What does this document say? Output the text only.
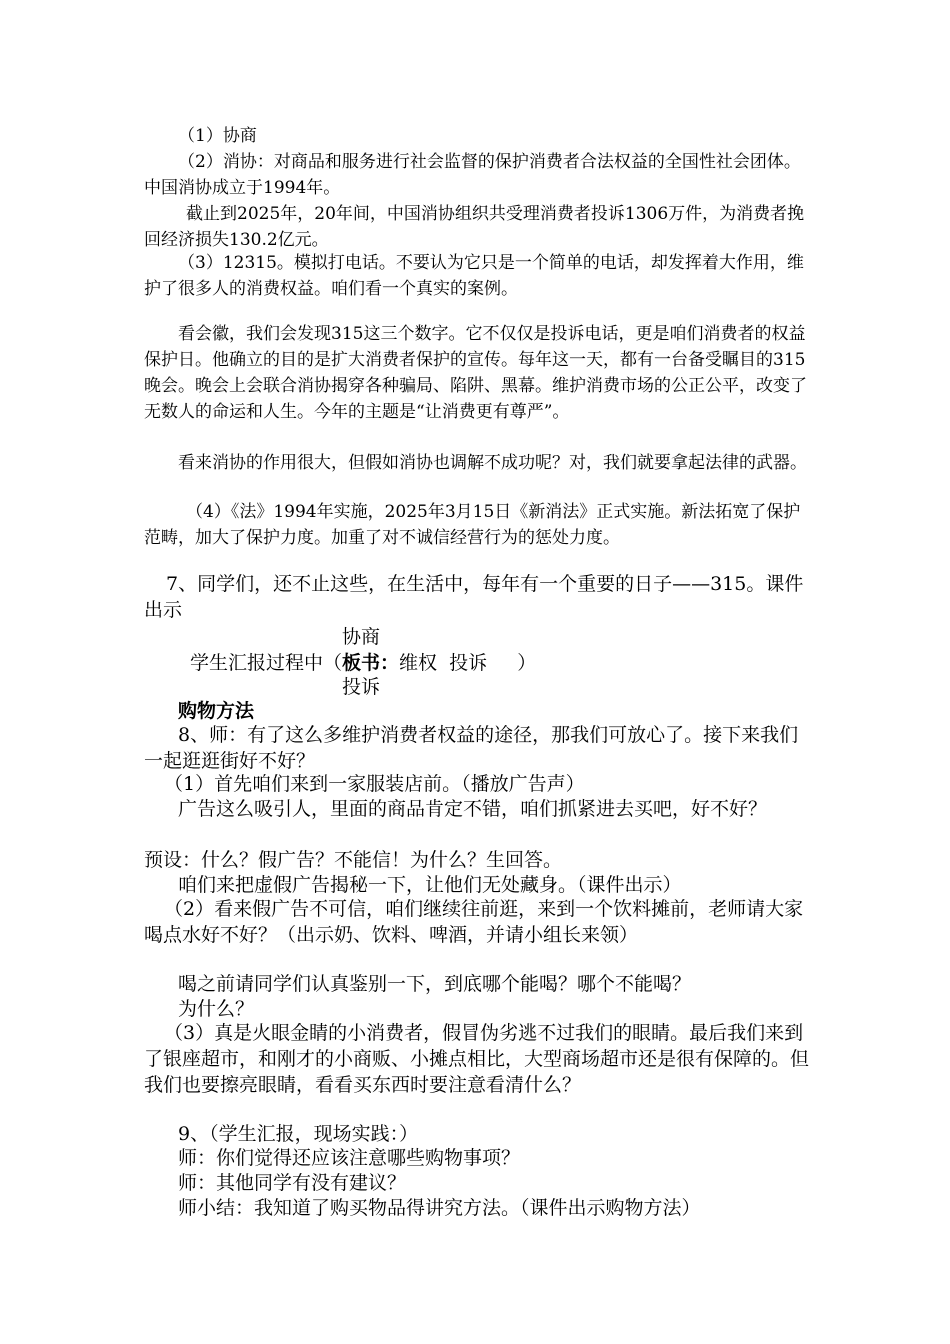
（1）协商

（2）消协：对商品和服务进行社会监督的保护消费者合法权益的全国性社会团体。中国消协成立于1994年。

截止到2025年，20年间，中国消协组织共受理消费者投诉1306万件，为消费者挽回经济损失130.2亿元。

（3）12315。模拟打电话。不要认为它只是一个简单的电话，却发挥着大作用，维护了很多人的消费权益。咱们看一个真实的案例。

看会徽，我们会发现315这三个数字。它不仅仅是投诉电话，更是咱们消费者的权益保护日。他确立的目的是扩大消费者保护的宣传。每年这一天，都有一台备受瞩目的315晚会。晚会上会联合消协揭穿各种骗局、陷阱、黑幕。维护消费市场的公正公平，改变了无数人的命运和人生。今年的主题是“让消费更有尊严”。

看来消协的作用很大，但假如消协也调解不成功呢？对，我们就要拿起法律的武器。

（4）《法》1994年实施，2025年3月15日《新消法》正式实施。新法拓宽了保护范畴，加大了保护力度。加重了对不诚信经营行为的惩处力度。

7、同学们，还不止这些，在生活中，每年有一个重要的日子——315。课件出示

协商
学生汇报过程中（板书：维权  投诉     ）
投诉

购物方法

8、师：有了这么多维护消费者权益的途径，那我们可放心了。接下来我们一起逛逛街好不好？

（1）首先咱们来到一家服装店前。（播放广告声）

广告这么吸引人，里面的商品肯定不错，咱们抓紧进去买吧，好不好？

预设：什么？假广告？不能信！为什么？生回答。

咱们来把虚假广告揭秘一下，让他们无处藏身。（课件出示）

（2）看来假广告不可信，咱们继续往前逛，来到一个饮料摊前，老师请大家喝点水好不好？（出示奶、饮料、啤酒，并请小组长来领）

喝之前请同学们认真鉴别一下，到底哪个能喝？哪个不能喝？

为什么？

（3）真是火眼金睛的小消费者，假冒伪劣逃不过我们的眼睛。最后我们来到了银座超市，和刚才的小商贩、小摊点相比，大型商场超市还是很有保障的。但我们也要擦亮眼睛，看看买东西时要注意看清什么？

9、（学生汇报，现场实践：）

师：你们觉得还应该注意哪些购物事项？

师：其他同学有没有建议？

师小结：我知道了购买物品得讲究方法。（课件出示购物方法）
